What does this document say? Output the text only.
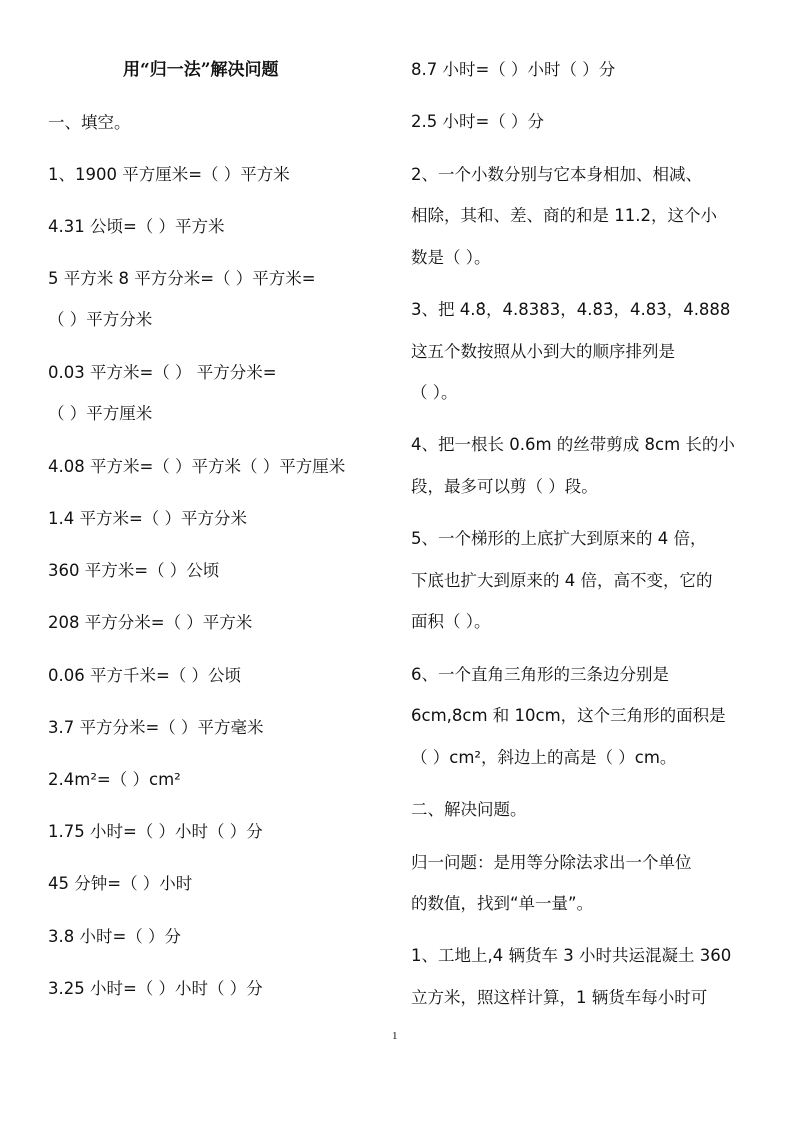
用“归一法”解决问题
一、填空。
1、1900 平方厘米=（ ）平方米
4.31 公顷=（ ）平方米
5 平方米 8 平方分米=（ ）平方米=
（ ）平方分米
0.03 平方米=（ ） 平方分米=
（ ）平方厘米
4.08 平方米=（ ）平方米（ ）平方厘米
1.4 平方米=（ ）平方分米
360 平方米=（ ）公顷
208 平方分米=（ ）平方米
0.06 平方千米=（ ）公顷
3.7 平方分米=（ ）平方毫米
2.4m²=（ ）cm²
1.75 小时=（ ）小时（ ）分
45 分钟=（ ）小时
3.8 小时=（ ）分
3.25 小时=（ ）小时（ ）分
8.7 小时=（ ）小时（ ）分
2.5 小时=（ ）分
2、一个小数分别与它本身相加、相减、
相除，其和、差、商的和是 11.2，这个小
数是（ ）。
3、把 4.8̇，4.8383，4.8̇3̇，4.83̇，4.888
这五个数按照从小到大的顺序排列是
（ ）。
4、把一根长 0.6m 的丝带剪成 8cm 长的小
段，最多可以剪（ ）段。
5、一个梯形的上底扩大到原来的 4 倍，
下底也扩大到原来的 4 倍，高不变，它的
面积（ ）。
6、一个直角三角形的三条边分别是
6cm,8cm 和 10cm，这个三角形的面积是
（ ）cm²，斜边上的高是（ ）cm。
二、解决问题。
归一问题：是用等分除法求出一个单位
的数值，找到“单一量”。
1、工地上,4 辆货车 3 小时共运混凝土 360
立方米，照这样计算，1 辆货车每小时可
1
